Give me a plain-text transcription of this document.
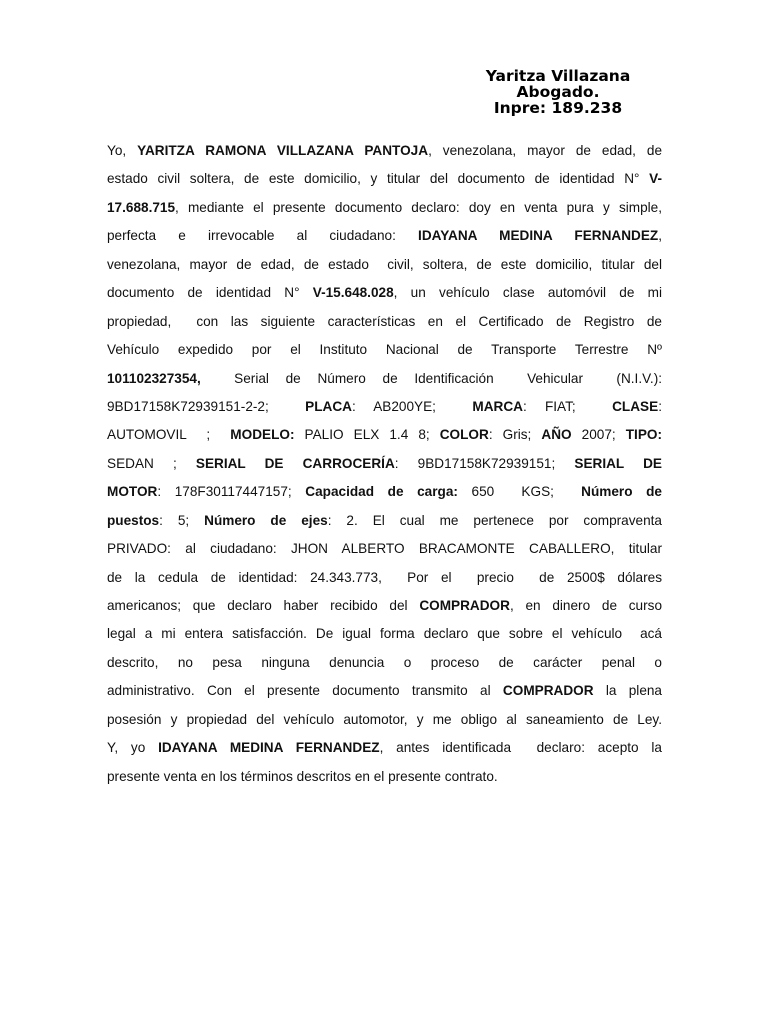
Yaritza Villazana
Abogado.
Inpre: 189.238
Yo, YARITZA RAMONA VILLAZANA PANTOJA, venezolana, mayor de edad, de
estado civil soltera, de este domicilio, y titular del documento de identidad N° V-
17.688.715, mediante el presente documento declaro: doy en venta pura y simple,
perfecta e irrevocable al ciudadano: IDAYANA MEDINA FERNANDEZ,
venezolana, mayor de edad, de estado  civil, soltera, de este domicilio, titular del
documento de identidad N° V-15.648.028, un vehículo clase automóvil de mi
propiedad,  con las siguiente características en el Certificado de Registro de
Vehículo expedido por el Instituto Nacional de Transporte Terrestre Nº
101102327354,  Serial de Número de Identificación  Vehicular  (N.I.V.):
9BD17158K72939151-2-2;  PLACA: AB200YE;  MARCA: FIAT;  CLASE:
AUTOMOVIL  ;  MODELO: PALIO ELX 1.4 8; COLOR: Gris; AÑO 2007; TIPO:
SEDAN ; SERIAL DE CARROCERÍA: 9BD17158K72939151; SERIAL DE
MOTOR: 178F30117447157; Capacidad de carga: 650  KGS;  Número de
puestos: 5; Número de ejes: 2. El cual me pertenece por compraventa
PRIVADO: al ciudadano: JHON ALBERTO BRACAMONTE CABALLERO, titular
de la cedula de identidad: 24.343.773,  Por el  precio  de 2500$ dólares
americanos; que declaro haber recibido del COMPRADOR, en dinero de curso
legal a mi entera satisfacción. De igual forma declaro que sobre el vehículo  acá
descrito, no pesa ninguna denuncia o proceso de carácter penal o
administrativo. Con el presente documento transmito al COMPRADOR la plena
posesión y propiedad del vehículo automotor, y me obligo al saneamiento de Ley.
Y, yo IDAYANA MEDINA FERNANDEZ, antes identificada  declaro: acepto la
presente venta en los términos descritos en el presente contrato.
